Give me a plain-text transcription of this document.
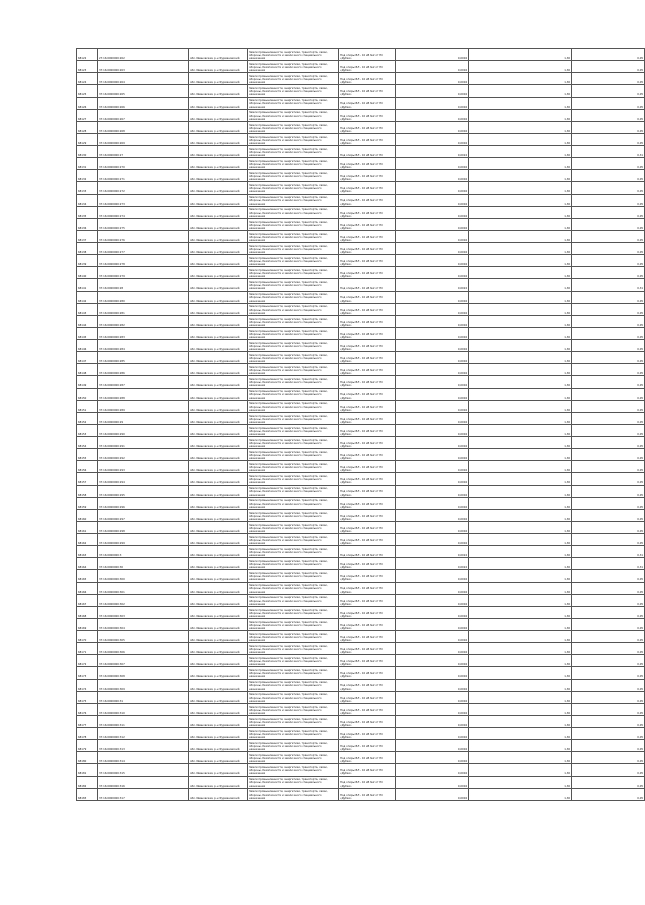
68122	27:16:0000000:262	обл. Ивановская, р-н Фурмановский	Земли промышленности, энергетики, транспорта, связи, обороны, безопасности и земли иного специального назначения	Под опоры ВЛ - 10 кВ №2 от ПС «Дубки»	0,0004	1,30	0,05
68123	37:16:0000000:263	обл. Ивановская, р-н Фурмановский	Земли промышленности, энергетики, транспорта, связи, обороны, безопасности и земли иного специального назначения	Под опоры ВЛ - 10 кВ №2 от ПС «Дубки»	0,0004	1,30	0,05
68124	37:16:0000000:264	обл. Ивановская, р-н Фурмановский	Земли промышленности, энергетики, транспорта, связи, обороны, безопасности и земли иного специального назначения	Под опоры ВЛ - 10 кВ №2 от ПС «Дубки»	0,0004	1,30	0,05
68125	37:16:0000000:265	обл. Ивановская, р-н Фурмановский	Земли промышленности, энергетики, транспорта, связи, обороны, безопасности и земли иного специального назначения	Под опоры ВЛ - 10 кВ №2 от ПС «Дубки»	0,0004	1,30	0,05
68126	37:16:0000000:266	обл. Ивановская, р-н Фурмановский	Земли промышленности, энергетики, транспорта, связи, обороны, безопасности и земли иного специального назначения	Под опоры ВЛ - 10 кВ №2 от ПС «Дубки»	0,0004	1,30	0,05
68127	37:16:0000000:267	обл. Ивановская, р-н Фурмановский	Земли промышленности, энергетики, транспорта, связи, обороны, безопасности и земли иного специального назначения	Под опоры ВЛ - 10 кВ №2 от ПС «Дубки»	0,0004	1,30	0,05
68128	37:16:0000000:268	обл. Ивановская, р-н Фурмановский	Земли промышленности, энергетики, транспорта, связи, обороны, безопасности и земли иного специального назначения	Под опоры ВЛ - 10 кВ №2 от ПС «Дубки»	0,0004	1,30	0,05
68129	37:16:0000000:269	обл. Ивановская, р-н Фурмановский	Земли промышленности, энергетики, транспорта, связи, обороны, безопасности и земли иного специального назначения	Под опоры ВЛ - 10 кВ №2 от ПС «Дубки»	0,0004	1,30	0,05
68130	37:16:0000000:27	обл. Ивановская, р-н Фурмановский	Земли промышленности, энергетики, транспорта, связи, обороны, безопасности и земли иного специального назначения	Под опоры ВЛ - 10 кВ №2 от ПС	0,0024	1,30	0,31
68131	37:16:0000000:270	обл. Ивановская, р-н Фурмановский	Земли промышленности, энергетики, транспорта, связи, обороны, безопасности и земли иного специального назначения	Под опоры ВЛ - 10 кВ №2 от ПС «Дубки»	0,0004	1,30	0,05
68132	37:16:0000000:271	обл. Ивановская, р-н Фурмановский	Земли промышленности, энергетики, транспорта, связи, обороны, безопасности и земли иного специального назначения	Под опоры ВЛ - 10 кВ №2 от ПС «Дубки»	0,0004	1,30	0,05
68133	37:16:0000000:272	обл. Ивановская, р-н Фурмановский	Земли промышленности, энергетики, транспорта, связи, обороны, безопасности и земли иного специального назначения	Под опоры ВЛ - 10 кВ №2 от ПС «Дубки»	0,0004	1,30	0,05
68134	37:16:0000000:273	обл. Ивановская, р-н Фурмановский	Земли промышленности, энергетики, транспорта, связи, обороны, безопасности и земли иного специального назначения	Под опоры ВЛ - 10 кВ №2 от ПС «Дубки»	0,0004	1,30	0,05
68135	37:16:0000000:274	обл. Ивановская, р-н Фурмановский	Земли промышленности, энергетики, транспорта, связи, обороны, безопасности и земли иного специального назначения	Под опоры ВЛ - 10 кВ №2 от ПС «Дубки»	0,0004	1,30	0,05
68136	37:16:0000000:275	обл. Ивановская, р-н Фурмановский	Земли промышленности, энергетики, транспорта, связи, обороны, безопасности и земли иного специального назначения	Под опоры ВЛ - 10 кВ №2 от ПС «Дубки»	0,0004	1,30	0,05
68137	37:16:0000000:276	обл. Ивановская, р-н Фурмановский	Земли промышленности, энергетики, транспорта, связи, обороны, безопасности и земли иного специального назначения	Под опоры ВЛ - 10 кВ №2 от ПС «Дубки»	0,0004	1,30	0,05
68138	37:16:0000000:277	обл. Ивановская, р-н Фурмановский	Земли промышленности, энергетики, транспорта, связи, обороны, безопасности и земли иного специального назначения	Под опоры ВЛ - 10 кВ №2 от ПС «Дубки»	0,0004	1,30	0,05
68139	37:16:0000000:278	обл. Ивановская, р-н Фурмановский	Земли промышленности, энергетики, транспорта, связи, обороны, безопасности и земли иного специального назначения	Под опоры ВЛ - 10 кВ №2 от ПС «Дубки»	0,0004	1,30	0,05
68140	37:16:0000000:279	обл. Ивановская, р-н Фурмановский	Земли промышленности, энергетики, транспорта, связи, обороны, безопасности и земли иного специального назначения	Под опоры ВЛ - 10 кВ №2 от ПС «Дубки»	0,0004	1,30	0,05
68141	37:16:0000000:28	обл. Ивановская, р-н Фурмановский	Земли промышленности, энергетики, транспорта, связи, обороны, безопасности и земли иного специального назначения	Под опоры ВЛ - 10 кВ №2 от ПС	0,0024	1,30	0,31
68142	37:16:0000000:280	обл. Ивановская, р-н Фурмановский	Земли промышленности, энергетики, транспорта, связи, обороны, безопасности и земли иного специального назначения	Под опоры ВЛ - 10 кВ №2 от ПС «Дубки»	0,0004	1,30	0,05
68143	37:16:0000000:281	обл. Ивановская, р-н Фурмановский	Земли промышленности, энергетики, транспорта, связи, обороны, безопасности и земли иного специального назначения	Под опоры ВЛ - 10 кВ №2 от ПС «Дубки»	0,0004	1,30	0,05
68144	37:16:0000000:282	обл. Ивановская, р-н Фурмановский	Земли промышленности, энергетики, транспорта, связи, обороны, безопасности и земли иного специального назначения	Под опоры ВЛ - 10 кВ №2 от ПС «Дубки»	0,0004	1,30	0,05
68145	37:16:0000000:283	обл. Ивановская, р-н Фурмановский	Земли промышленности, энергетики, транспорта, связи, обороны, безопасности и земли иного специального назначения	Под опоры ВЛ - 10 кВ №2 от ПС «Дубки»	0,0004	1,30	0,05
68146	37:16:0000000:284	обл. Ивановская, р-н Фурмановский	Земли промышленности, энергетики, транспорта, связи, обороны, безопасности и земли иного специального назначения	Под опоры ВЛ - 10 кВ №2 от ПС «Дубки»	0,0004	1,30	0,05
68147	37:16:0000000:285	обл. Ивановская, р-н Фурмановский	Земли промышленности, энергетики, транспорта, связи, обороны, безопасности и земли иного специального назначения	Под опоры ВЛ - 10 кВ №2 от ПС «Дубки»	0,0004	1,30	0,05
68148	37:16:0000000:286	обл. Ивановская, р-н Фурмановский	Земли промышленности, энергетики, транспорта, связи, обороны, безопасности и земли иного специального назначения	Под опоры ВЛ - 10 кВ №2 от ПС «Дубки»	0,0004	1,30	0,05
68149	37:16:0000000:287	обл. Ивановская, р-н Фурмановский	Земли промышленности, энергетики, транспорта, связи, обороны, безопасности и земли иного специального назначения	Под опоры ВЛ - 10 кВ №2 от ПС «Дубки»	0,0004	1,30	0,05
68150	37:16:0000000:288	обл. Ивановская, р-н Фурмановский	Земли промышленности, энергетики, транспорта, связи, обороны, безопасности и земли иного специального назначения	Под опоры ВЛ - 10 кВ №2 от ПС «Дубки»	0,0004	1,30	0,05
68151	37:16:0000000:289	обл. Ивановская, р-н Фурмановский	Земли промышленности, энергетики, транспорта, связи, обороны, безопасности и земли иного специального назначения	Под опоры ВЛ - 10 кВ №2 от ПС «Дубки»	0,0004	1,30	0,05
68152	37:16:0000000:29	обл. Ивановская, р-н Фурмановский	Земли промышленности, энергетики, транспорта, связи, обороны, безопасности и земли иного специального назначения	Под опоры ВЛ - 10 кВ №2 от ПС «Дубки»	0,0004	1,30	0,05
68153	37:16:0000000:290	обл. Ивановская, р-н Фурмановский	Земли промышленности, энергетики, транспорта, связи, обороны, безопасности и земли иного специального назначения	Под опоры ВЛ - 10 кВ №2 от ПС «Дубки»	0,0004	1,30	0,05
68154	37:16:0000000:291	обл. Ивановская, р-н Фурмановский	Земли промышленности, энергетики, транспорта, связи, обороны, безопасности и земли иного специального назначения	Под опоры ВЛ - 10 кВ №2 от ПС «Дубки»	0,0004	1,30	0,05
68155	37:16:0000000:292	обл. Ивановская, р-н Фурмановский	Земли промышленности, энергетики, транспорта, связи, обороны, безопасности и земли иного специального назначения	Под опоры ВЛ - 10 кВ №2 от ПС «Дубки»	0,0004	1,30	0,05
68156	37:16:0000000:293	обл. Ивановская, р-н Фурмановский	Земли промышленности, энергетики, транспорта, связи, обороны, безопасности и земли иного специального назначения	Под опоры ВЛ - 10 кВ №2 от ПС «Дубки»	0,0004	1,30	0,05
68157	37:16:0000000:294	обл. Ивановская, р-н Фурмановский	Земли промышленности, энергетики, транспорта, связи, обороны, безопасности и земли иного специального назначения	Под опоры ВЛ - 10 кВ №2 от ПС «Дубки»	0,0004	1,30	0,05
68158	37:16:0000000:295	обл. Ивановская, р-н Фурмановский	Земли промышленности, энергетики, транспорта, связи, обороны, безопасности и земли иного специального назначения	Под опоры ВЛ - 10 кВ №2 от ПС «Дубки»	0,0004	1,30	0,05
68159	37:16:0000000:296	обл. Ивановская, р-н Фурмановский	Земли промышленности, энергетики, транспорта, связи, обороны, безопасности и земли иного специального назначения	Под опоры ВЛ - 10 кВ №2 от ПС «Дубки»	0,0004	1,30	0,05
68160	37:16:0000000:297	обл. Ивановская, р-н Фурмановский	Земли промышленности, энергетики, транспорта, связи, обороны, безопасности и земли иного специального назначения	Под опоры ВЛ - 10 кВ №2 от ПС «Дубки»	0,0004	1,30	0,05
68161	37:16:0000000:298	обл. Ивановская, р-н Фурмановский	Земли промышленности, энергетики, транспорта, связи, обороны, безопасности и земли иного специального назначения	Под опоры ВЛ - 10 кВ №2 от ПС «Дубки»	0,0004	1,30	0,05
68162	37:16:0000000:299	обл. Ивановская, р-н Фурмановский	Земли промышленности, энергетики, транспорта, связи, обороны, безопасности и земли иного специального назначения	Под опоры ВЛ - 10 кВ №2 от ПС «Дубки»	0,0004	1,30	0,05
68163	37:16:0000000:3	обл. Ивановская, р-н Фурмановский	Земли промышленности, энергетики, транспорта, связи, обороны, безопасности и земли иного специального назначения	Под опоры ВЛ - 10 кВ №2 от ПС	0,0024	1,30	0,31
68164	37:16:0000000:30	обл. Ивановская, р-н Фурмановский	Земли промышленности, энергетики, транспорта, связи, обороны, безопасности и земли иного специального назначения	Под опоры ВЛ - 10 кВ №2 от ПС «Дубки»	0,0024	1,30	0,31
68165	37:16:0000000:300	обл. Ивановская, р-н Фурмановский	Земли промышленности, энергетики, транспорта, связи, обороны, безопасности и земли иного специального назначения	Под опоры ВЛ - 10 кВ №2 от ПС «Дубки»	0,0004	1,30	0,05
68166	37:16:0000000:301	обл. Ивановская, р-н Фурмановский	Земли промышленности, энергетики, транспорта, связи, обороны, безопасности и земли иного специального назначения	Под опоры ВЛ - 10 кВ №2 от ПС «Дубки»	0,0004	1,30	0,05
68167	37:16:0000000:302	обл. Ивановская, р-н Фурмановский	Земли промышленности, энергетики, транспорта, связи, обороны, безопасности и земли иного специального назначения	Под опоры ВЛ - 10 кВ №2 от ПС «Дубки»	0,0004	1,30	0,05
68168	37:16:0000000:303	обл. Ивановская, р-н Фурмановский	Земли промышленности, энергетики, транспорта, связи, обороны, безопасности и земли иного специального назначения	Под опоры ВЛ - 10 кВ №2 от ПС «Дубки»	0,0004	1,30	0,05
68169	37:16:0000000:304	обл. Ивановская, р-н Фурмановский	Земли промышленности, энергетики, транспорта, связи, обороны, безопасности и земли иного специального назначения	Под опоры ВЛ - 10 кВ №2 от ПС «Дубки»	0,0004	1,30	0,05
68170	37:16:0000000:305	обл. Ивановская, р-н Фурмановский	Земли промышленности, энергетики, транспорта, связи, обороны, безопасности и земли иного специального назначения	Под опоры ВЛ - 10 кВ №2 от ПС «Дубки»	0,0004	1,30	0,05
68171	37:16:0000000:306	обл. Ивановская, р-н Фурмановский	Земли промышленности, энергетики, транспорта, связи, обороны, безопасности и земли иного специального назначения	Под опоры ВЛ - 10 кВ №2 от ПС «Дубки»	0,0004	1,30	0,05
68172	37:16:0000000:307	обл. Ивановская, р-н Фурмановский	Земли промышленности, энергетики, транспорта, связи, обороны, безопасности и земли иного специального назначения	Под опоры ВЛ - 10 кВ №2 от ПС «Дубки»	0,0004	1,30	0,05
68173	37:16:0000000:308	обл. Ивановская, р-н Фурмановский	Земли промышленности, энергетики, транспорта, связи, обороны, безопасности и земли иного специального назначения	Под опоры ВЛ - 10 кВ №2 от ПС «Дубки»	0,0004	1,30	0,05
68174	37:16:0000000:309	обл. Ивановская, р-н Фурмановский	Земли промышленности, энергетики, транспорта, связи, обороны, безопасности и земли иного специального назначения	Под опоры ВЛ - 10 кВ №2 от ПС «Дубки»	0,0004	1,30	0,05
68175	37:16:0000000:31	обл. Ивановская, р-н Фурмановский	Земли промышленности, энергетики, транспорта, связи, обороны, безопасности и земли иного специального назначения	Под опоры ВЛ - 10 кВ №2 от ПС «Дубки»	0,0004	1,30	0,05
68176	37:16:0000000:310	обл. Ивановская, р-н Фурмановский	Земли промышленности, энергетики, транспорта, связи, обороны, безопасности и земли иного специального назначения	Под опоры ВЛ - 10 кВ №2 от ПС «Дубки»	0,0004	1,30	0,05
68177	37:16:0000000:311	обл. Ивановская, р-н Фурмановский	Земли промышленности, энергетики, транспорта, связи, обороны, безопасности и земли иного специального назначения	Под опоры ВЛ - 10 кВ №2 от ПС «Дубки»	0,0004	1,30	0,05
68178	37:16:0000000:312	обл. Ивановская, р-н Фурмановский	Земли промышленности, энергетики, транспорта, связи, обороны, безопасности и земли иного специального назначения	Под опоры ВЛ - 10 кВ №2 от ПС «Дубки»	0,0004	1,30	0,05
68179	37:16:0000000:313	обл. Ивановская, р-н Фурмановский	Земли промышленности, энергетики, транспорта, связи, обороны, безопасности и земли иного специального назначения	Под опоры ВЛ - 10 кВ №2 от ПС «Дубки»	0,0004	1,30	0,05
68180	37:16:0000000:314	обл. Ивановская, р-н Фурмановский	Земли промышленности, энергетики, транспорта, связи, обороны, безопасности и земли иного специального назначения	Под опоры ВЛ - 10 кВ №2 от ПС «Дубки»	0,0004	1,30	0,05
68181	37:16:0000000:315	обл. Ивановская, р-н Фурмановский	Земли промышленности, энергетики, транспорта, связи, обороны, безопасности и земли иного специального назначения	Под опоры ВЛ - 10 кВ №2 от ПС «Дубки»	0,0004	1,30	0,05
68182	37:16:0000000:316	обл. Ивановская, р-н Фурмановский	Земли промышленности, энергетики, транспорта, связи, обороны, безопасности и земли иного специального назначения	Под опоры ВЛ - 10 кВ №2 от ПС «Дубки»	0,0004	1,30	0,05
68183	37:16:0000000:317	обл. Ивановская, р-н Фурмановский	Земли промышленности, энергетики, транспорта, связи, обороны, безопасности и земли иного специального назначения	Под опоры ВЛ - 10 кВ №2 от ПС «Дубки»	0,0004	1,30	0,05
